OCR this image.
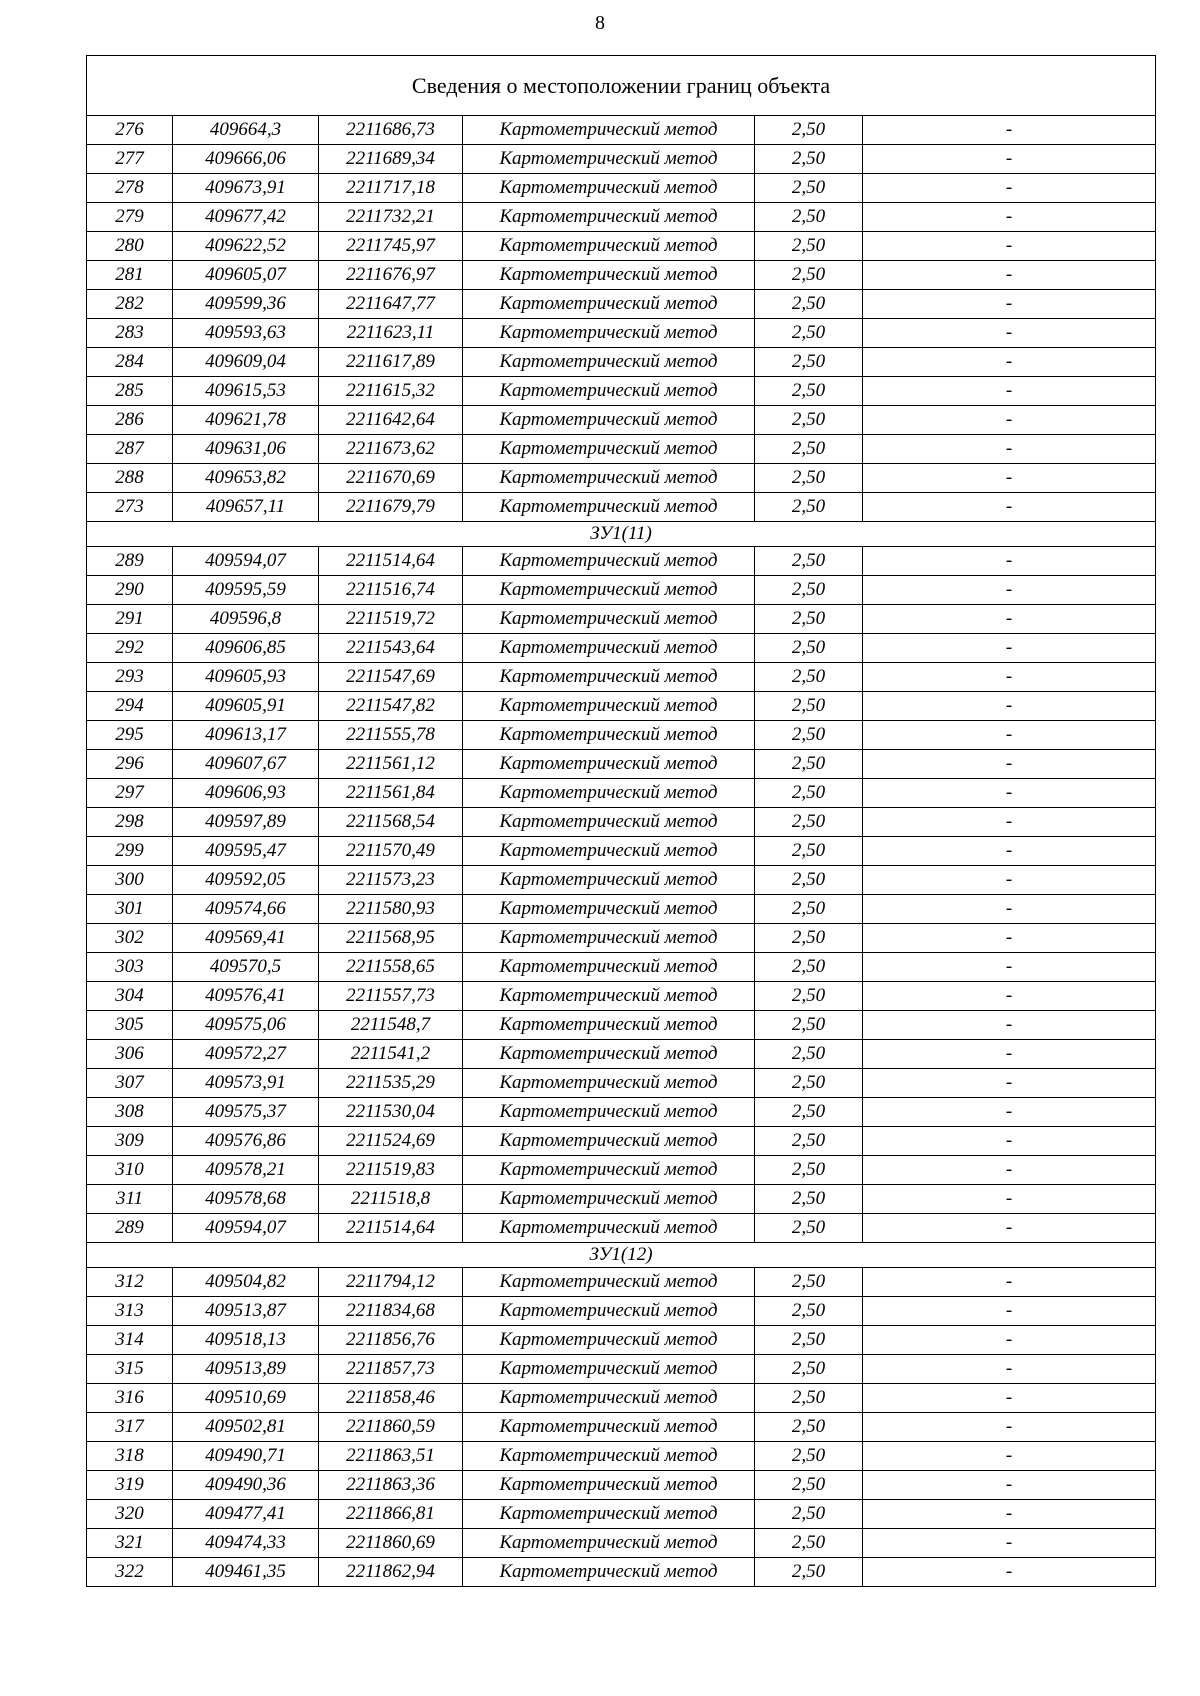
8
Сведения о местоположении границ объекта					
276	409664,3	2211686,73	Картометрический метод	2,50	-
277	409666,06	2211689,34	Картометрический метод	2,50	-
278	409673,91	2211717,18	Картометрический метод	2,50	-
279	409677,42	2211732,21	Картометрический метод	2,50	-
280	409622,52	2211745,97	Картометрический метод	2,50	-
281	409605,07	2211676,97	Картометрический метод	2,50	-
282	409599,36	2211647,77	Картометрический метод	2,50	-
283	409593,63	2211623,11	Картометрический метод	2,50	-
284	409609,04	2211617,89	Картометрический метод	2,50	-
285	409615,53	2211615,32	Картометрический метод	2,50	-
286	409621,78	2211642,64	Картометрический метод	2,50	-
287	409631,06	2211673,62	Картометрический метод	2,50	-
288	409653,82	2211670,69	Картометрический метод	2,50	-
273	409657,11	2211679,79	Картометрический метод	2,50	-
ЗУ1(11)					
289	409594,07	2211514,64	Картометрический метод	2,50	-
290	409595,59	2211516,74	Картометрический метод	2,50	-
291	409596,8	2211519,72	Картометрический метод	2,50	-
292	409606,85	2211543,64	Картометрический метод	2,50	-
293	409605,93	2211547,69	Картометрический метод	2,50	-
294	409605,91	2211547,82	Картометрический метод	2,50	-
295	409613,17	2211555,78	Картометрический метод	2,50	-
296	409607,67	2211561,12	Картометрический метод	2,50	-
297	409606,93	2211561,84	Картометрический метод	2,50	-
298	409597,89	2211568,54	Картометрический метод	2,50	-
299	409595,47	2211570,49	Картометрический метод	2,50	-
300	409592,05	2211573,23	Картометрический метод	2,50	-
301	409574,66	2211580,93	Картометрический метод	2,50	-
302	409569,41	2211568,95	Картометрический метод	2,50	-
303	409570,5	2211558,65	Картометрический метод	2,50	-
304	409576,41	2211557,73	Картометрический метод	2,50	-
305	409575,06	2211548,7	Картометрический метод	2,50	-
306	409572,27	2211541,2	Картометрический метод	2,50	-
307	409573,91	2211535,29	Картометрический метод	2,50	-
308	409575,37	2211530,04	Картометрический метод	2,50	-
309	409576,86	2211524,69	Картометрический метод	2,50	-
310	409578,21	2211519,83	Картометрический метод	2,50	-
311	409578,68	2211518,8	Картометрический метод	2,50	-
289	409594,07	2211514,64	Картометрический метод	2,50	-
ЗУ1(12)					
312	409504,82	2211794,12	Картометрический метод	2,50	-
313	409513,87	2211834,68	Картометрический метод	2,50	-
314	409518,13	2211856,76	Картометрический метод	2,50	-
315	409513,89	2211857,73	Картометрический метод	2,50	-
316	409510,69	2211858,46	Картометрический метод	2,50	-
317	409502,81	2211860,59	Картометрический метод	2,50	-
318	409490,71	2211863,51	Картометрический метод	2,50	-
319	409490,36	2211863,36	Картометрический метод	2,50	-
320	409477,41	2211866,81	Картометрический метод	2,50	-
321	409474,33	2211860,69	Картометрический метод	2,50	-
322	409461,35	2211862,94	Картометрический метод	2,50	-
